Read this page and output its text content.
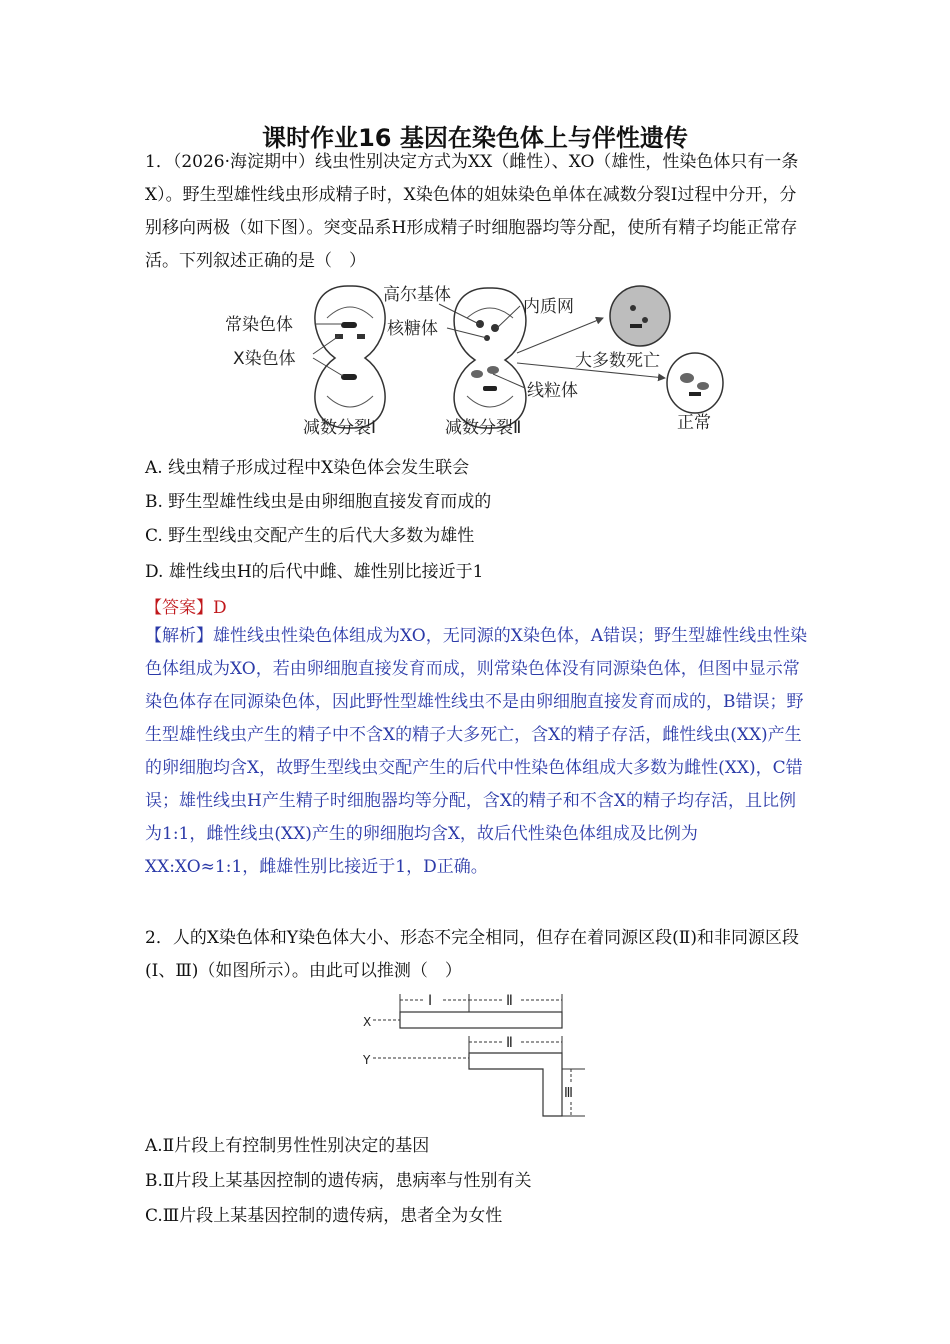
课时作业16 基因在染色体上与伴性遗传

1．（2026·海淀期中）线虫性别决定方式为XX（雌性）、XO（雄性，性染色体只有一条X）。野生型雄性线虫形成精子时，X染色体的姐妹染色单体在减数分裂Ⅰ过程中分开，分别移向两极（如下图）。突变品系H形成精子时细胞器均等分配，使所有精子均能正常存活。下列叙述正确的是（　）

高尔基体
常染色体
内质网
核糖体
X染色体	大多数死亡
线粒体
减数分裂Ⅰ	减数分裂Ⅱ	正常
A. 线虫精子形成过程中X染色体会发生联会
B. 野生型雄性线虫是由卵细胞直接发育而成的
C. 野生型线虫交配产生的后代大多数为雄性
D. 雄性线虫H的后代中雌、雄性别比接近于1
【答案】D

【解析】雄性线虫性染色体组成为XO，无同源的X染色体，A错误；野生型雄性线虫性染色体组成为XO，若由卵细胞直接发育而成，则常染色体没有同源染色体，但图中显示常染色体存在同源染色体，因此野性型雄性线虫不是由卵细胞直接发育而成的，B错误；野生型雄性线虫产生的精子中不含X的精子大多死亡，含X的精子存活，雌性线虫(XX)产生的卵细胞均含X，故野生型线虫交配产生的后代中性染色体组成大多数为雌性(XX)，C错误；雄性线虫H产生精子时细胞器均等分配，含X的精子和不含X的精子均存活，且比例为1:1，雌性线虫(XX)产生的卵细胞均含X，故后代性染色体组成及比例为XX:XO≈1:1，雌雄性别比接近于1，D正确。

2．人的X染色体和Y染色体大小、形态不完全相同，但存在着同源区段(Ⅱ)和非同源区段(Ⅰ、Ⅲ)（如图所示）。由此可以推测（　）

Ⅰ	Ⅱ
X
Ⅱ
Y
Ⅲ
A.Ⅱ片段上有控制男性性别决定的基因
B.Ⅱ片段上某基因控制的遗传病，患病率与性别有关
C.Ⅲ片段上某基因控制的遗传病，患者全为女性
